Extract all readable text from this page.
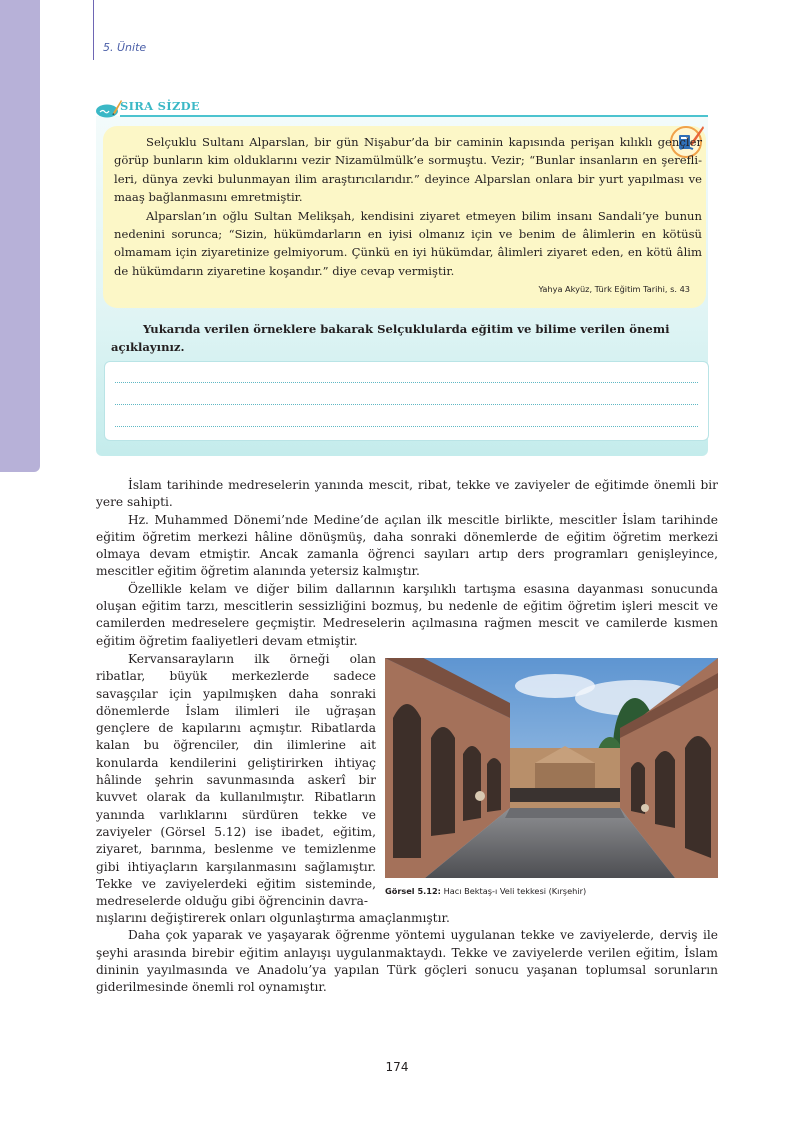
5. Ünite
SIRA SİZDE

Selçuklu Sultanı Alparslan, bir gün Nişabur’da bir caminin kapısında perişan kılıklı gençler görüp bunların kim olduklarını vezir Nizamülmülk’e sormuştu. Vezir; “Bunlar insanların en şereflileri, dünya zevki bulunmayan ilim araştırıcılarıdır.” deyince Alparslan onlara bir yurt yapılması ve maaş bağlanmasını emretmiştir.

Alparslan’ın oğlu Sultan Melikşah, kendisini ziyaret etmeyen bilim insanı Sandali’ye bunun nedenini sorunca; “Sizin, hükümdarların en iyisi olmanız için ve benim de âlimlerin en kötüsü olmamam için ziyaretinize gelmiyorum. Çünkü en iyi hükümdar, âlimleri ziyaret eden, en kötü âlim de hükümdarın ziyaretine koşandır.” diye cevap vermiştir.

Yahya Akyüz, Türk Eğitim Tarihi, s. 43
Yukarıda verilen örneklere bakarak Selçuklularda eğitim ve bilime verilen önemi
açıklayınız.

İslam tarihinde medreselerin yanında mescit, ribat, tekke ve zaviyeler de eğitimde önemli bir yere sahipti.

Hz. Muhammed Dönemi’nde Medine’de açılan ilk mescitle birlikte, mescitler İslam tarihinde eğitim öğretim merkezi hâline dönüşmüş, daha sonraki dönemlerde de eğitim öğretim merkezi olmaya devam etmiştir. Ancak zamanla öğrenci sayıları artıp ders programları genişleyince, mescitler eğitim öğretim alanında yetersiz kalmıştır.

Özellikle kelam ve diğer bilim dallarının karşılıklı tartışma esasına dayanması sonucunda oluşan eğitim tarzı, mescitlerin sessizliğini bozmuş, bu nedenle de eğitim öğretim işleri mescit ve camilerden medreselere geçmiştir. Medreselerin açılmasına rağmen mescit ve camilerde kısmen eğitim öğretim faaliyetleri devam etmiştir.

Kervansarayların ilk örneği olan ribatlar, büyük merkezlerde sadece savaşçılar için yapılmışken daha sonraki dönemlerde İslam ilimleri ile uğraşan gençlere de kapılarını açmıştır. Ribatlarda kalan bu öğrenciler, din ilimlerine ait konularda kendilerini geliştirirken ihtiyaç hâlinde şehrin savunmasında askerî bir kuvvet olarak da kullanılmıştır. Ribatların yanında varlıklarını sürdüren tekke ve zaviyeler (Görsel 5.12) ise ibadet, eğitim, ziyaret, barınma, beslenme ve temizlenme gibi ihtiyaçların karşılanmasını sağlamıştır. Tekke ve zaviyelerdeki eğitim sisteminde, medreselerde olduğu gibi öğrencinin davra-

Görsel 5.12: Hacı Bektaş-ı Veli tekkesi (Kırşehir)

nışlarını değiştirerek onları olgunlaştırma amaçlanmıştır.

Daha çok yaparak ve yaşayarak öğrenme yöntemi uygulanan tekke ve zaviyelerde, derviş ile şeyhi arasında birebir eğitim anlayışı uygulanmaktaydı. Tekke ve zaviyelerde verilen eğitim, İslam dininin yayılmasında ve Anadolu’ya yapılan Türk göçleri sonucu yaşanan toplumsal sorunların giderilmesinde önemli rol oynamıştır.

174
